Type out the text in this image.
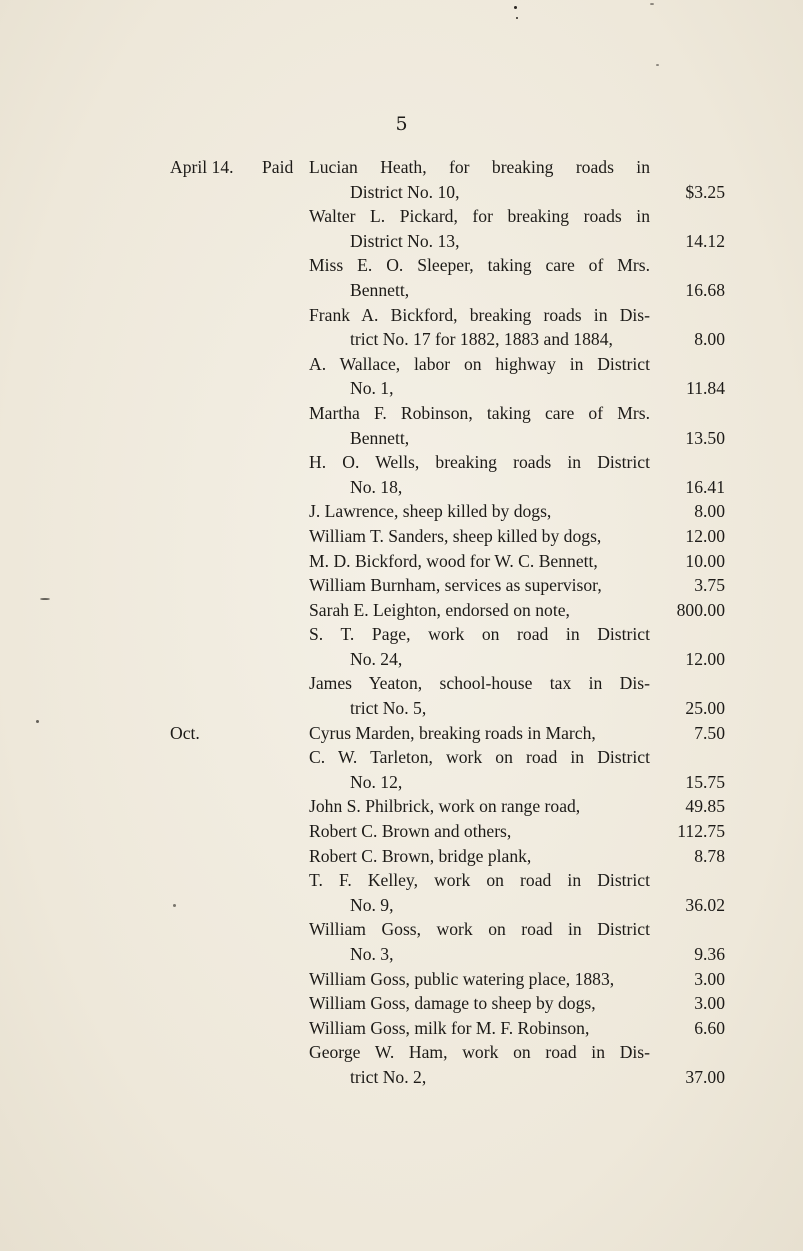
5
April 14.	Paid Lucian Heath, for breaking roads in
District No. 10,	$3.25
Walter L. Pickard, for breaking roads in
District No. 13,	14.12
Miss E. O. Sleeper, taking care of Mrs.
Bennett,	16.68
Frank A. Bickford, breaking roads in Dis-
trict No. 17 for 1882, 1883 and 1884,	8.00
A. Wallace, labor on highway in District
No. 1,	11.84
Martha F. Robinson, taking care of Mrs.
Bennett,	13.50
H. O. Wells, breaking roads in District
No. 18,	16.41
J. Lawrence, sheep killed by dogs,	8.00
William T. Sanders, sheep killed by dogs,	12.00
M. D. Bickford, wood for W. C. Bennett,	10.00
William Burnham, services as supervisor,	3.75
Sarah E. Leighton, endorsed on note,	800.00
S. T. Page, work on road in District
No. 24,	12.00
James Yeaton, school-house tax in Dis-
trict No. 5,	25.00
Oct.	Cyrus Marden, breaking roads in March,	7.50
C. W. Tarleton, work on road in District
No. 12,	15.75
John S. Philbrick, work on range road,	49.85
Robert C. Brown and others,	112.75
Robert C. Brown, bridge plank,	8.78
T. F. Kelley, work on road in District
No. 9,	36.02
William Goss, work on road in District
No. 3,	9.36
William Goss, public watering place, 1883,	3.00
William Goss, damage to sheep by dogs,	3.00
William Goss, milk for M. F. Robinson,	6.60
George W. Ham, work on road in Dis-
trict No. 2,	37.00
